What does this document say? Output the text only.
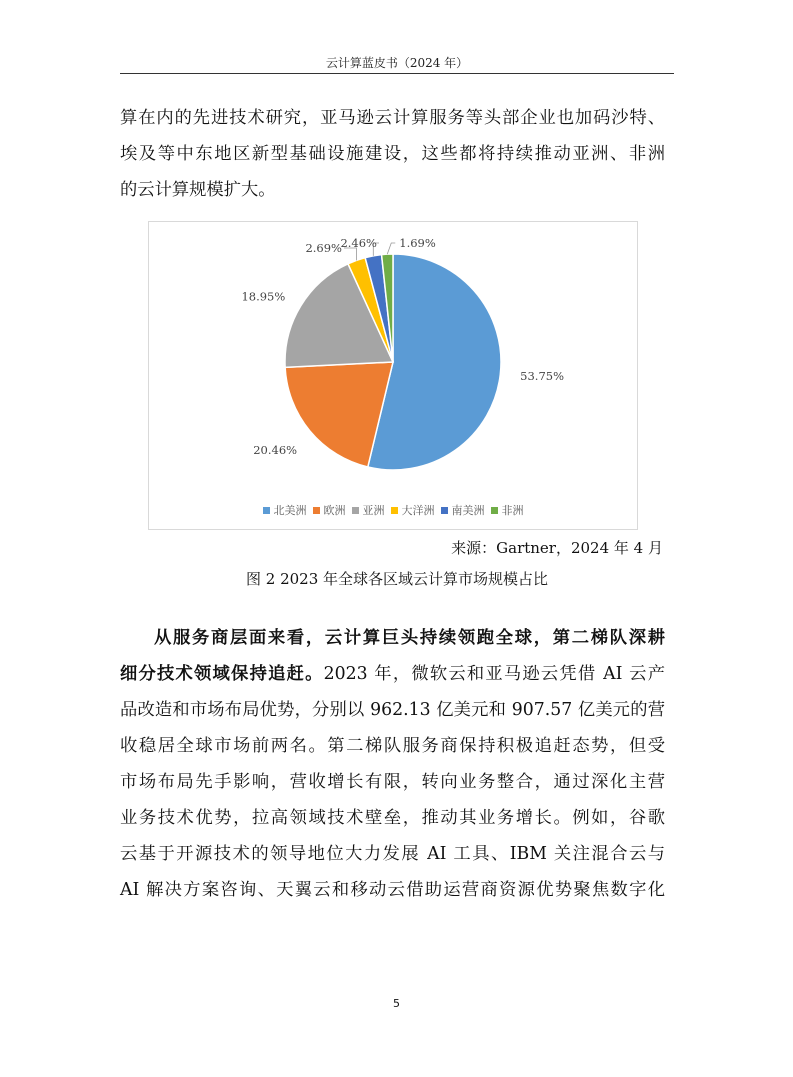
云计算蓝皮书（2024 年）
算在内的先进技术研究，亚马逊云计算服务等头部企业也加码沙特、
埃及等中东地区新型基础设施建设，这些都将持续推动亚洲、非洲
的云计算规模扩大。
53.75%
20.46%
18.95%
2.69%
2.46% 1.69%
北美洲 欧洲 亚洲 大洋洲 南美洲 非洲
来源：Gartner，2024 年 4 月
图 2 2023 年全球各区域云计算市场规模占比
从服务商层面来看，云计算巨头持续领跑全球，第二梯队深耕
细分技术领域保持追赶。2023 年，微软云和亚马逊云凭借 AI 云产
品改造和市场布局优势，分别以 962.13 亿美元和 907.57 亿美元的营
收稳居全球市场前两名。第二梯队服务商保持积极追赶态势，但受
市场布局先手影响，营收增长有限，转向业务整合，通过深化主营
业务技术优势，拉高领域技术壁垒，推动其业务增长。例如，谷歌
云基于开源技术的领导地位大力发展 AI 工具、IBM 关注混合云与
AI 解决方案咨询、天翼云和移动云借助运营商资源优势聚焦数字化
5
